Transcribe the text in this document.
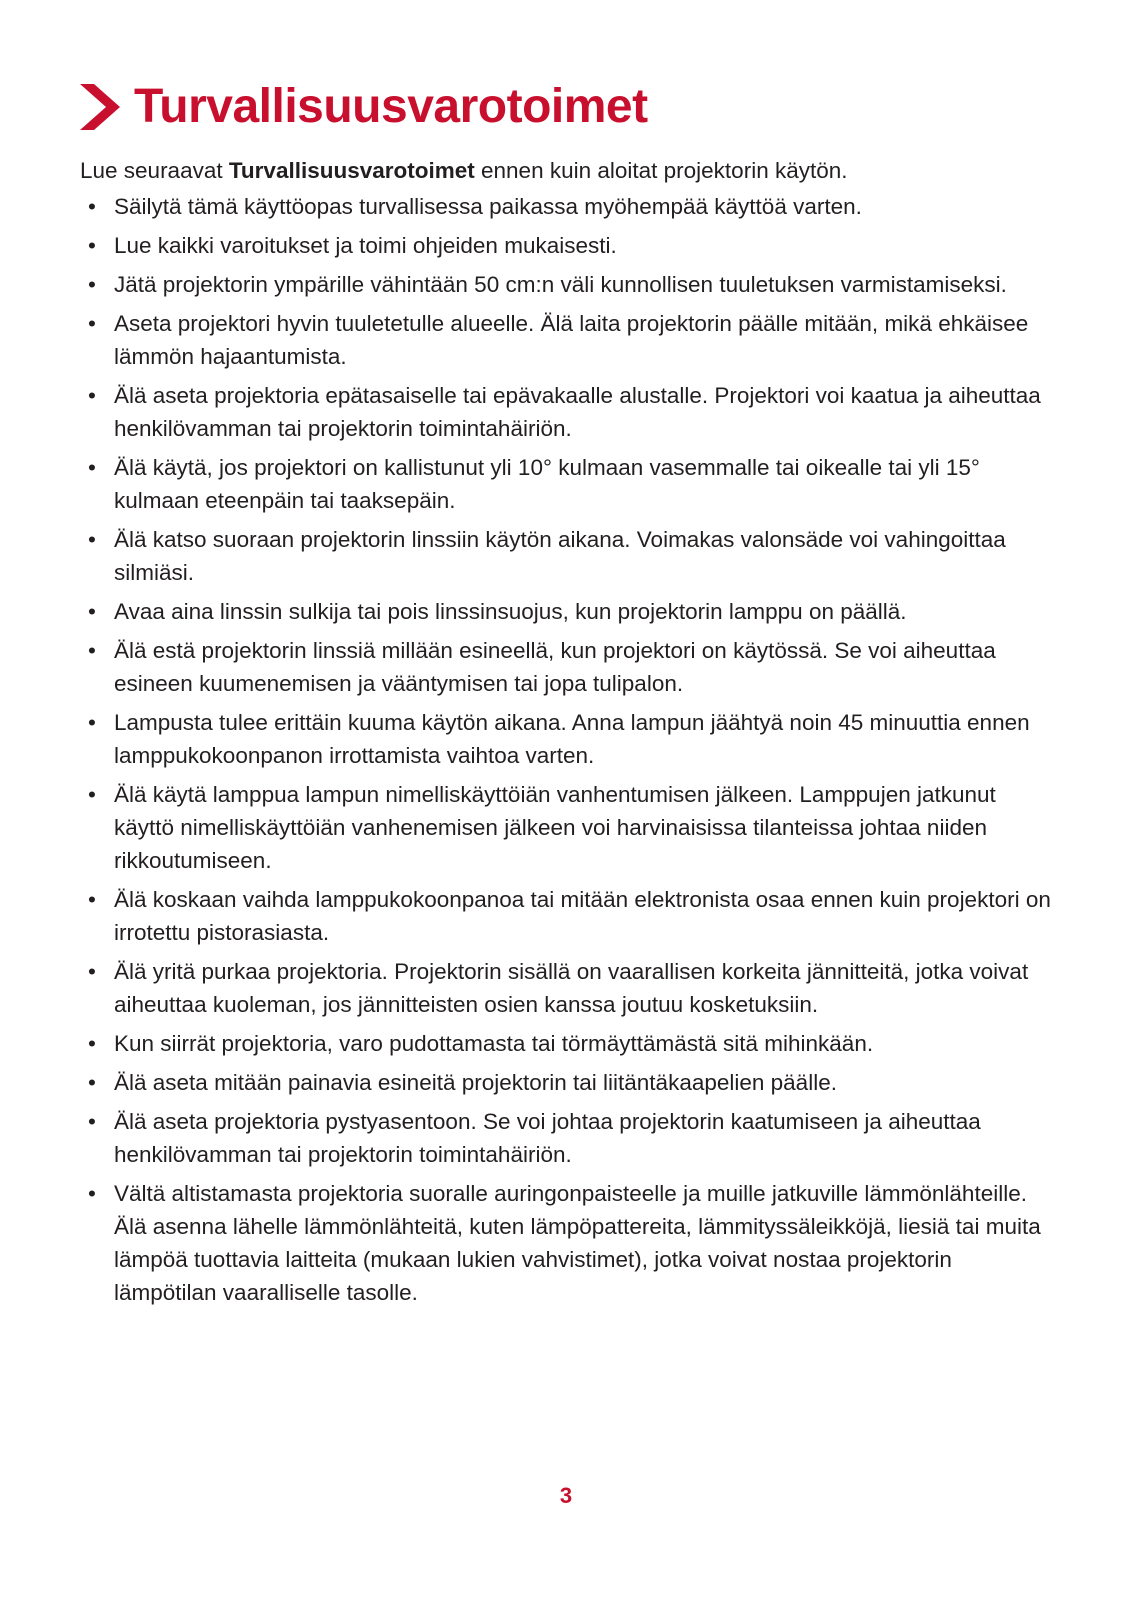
Turvallisuusvarotoimet

Lue seuraavat Turvallisuusvarotoimet ennen kuin aloitat projektorin käytön.

• Säilytä tämä käyttöopas turvallisessa paikassa myöhempää käyttöä varten.
• Lue kaikki varoitukset ja toimi ohjeiden mukaisesti.
• Jätä projektorin ympärille vähintään 50 cm:n väli kunnollisen tuuletuksen varmistamiseksi.
• Aseta projektori hyvin tuuletetulle alueelle. Älä laita projektorin päälle mitään, mikä ehkäisee lämmön hajaantumista.
• Älä aseta projektoria epätasaiselle tai epävakaalle alustalle. Projektori voi kaatua ja aiheuttaa henkilövamman tai projektorin toimintahäiriön.
• Älä käytä, jos projektori on kallistunut yli 10° kulmaan vasemmalle tai oikealle tai yli 15° kulmaan eteenpäin tai taaksepäin.
• Älä katso suoraan projektorin linssiin käytön aikana. Voimakas valonsäde voi vahingoittaa silmiäsi.
• Avaa aina linssin sulkija tai pois linssinsuojus, kun projektorin lamppu on päällä.
• Älä estä projektorin linssiä millään esineellä, kun projektori on käytössä. Se voi aiheuttaa esineen kuumenemisen ja vääntymisen tai jopa tulipalon.
• Lampusta tulee erittäin kuuma käytön aikana. Anna lampun jäähtyä noin 45 minuuttia ennen lamppukokoonpanon irrottamista vaihtoa varten.
• Älä käytä lamppua lampun nimelliskäyttöiän vanhentumisen jälkeen. Lamppujen jatkunut käyttö nimelliskäyttöiän vanhenemisen jälkeen voi harvinaisissa tilanteissa johtaa niiden rikkoutumiseen.
• Älä koskaan vaihda lamppukokoonpanoa tai mitään elektronista osaa ennen kuin projektori on irrotettu pistorasiasta.
• Älä yritä purkaa projektoria. Projektorin sisällä on vaarallisen korkeita jännitteitä, jotka voivat aiheuttaa kuoleman, jos jännitteisten osien kanssa joutuu kosketuksiin.
• Kun siirrät projektoria, varo pudottamasta tai törmäyttämästä sitä mihinkään.
• Älä aseta mitään painavia esineitä projektorin tai liitäntäkaapelien päälle.
• Älä aseta projektoria pystyasentoon. Se voi johtaa projektorin kaatumiseen ja aiheuttaa henkilövamman tai projektorin toimintahäiriön.
• Vältä altistamasta projektoria suoralle auringonpaisteelle ja muille jatkuville lämmönlähteille. Älä asenna lähelle lämmönlähteitä, kuten lämpöpattereita, lämmityssäleikköjä, liesiä tai muita lämpöä tuottavia laitteita (mukaan lukien vahvistimet), jotka voivat nostaa projektorin lämpötilan vaaralliselle tasolle.
3
